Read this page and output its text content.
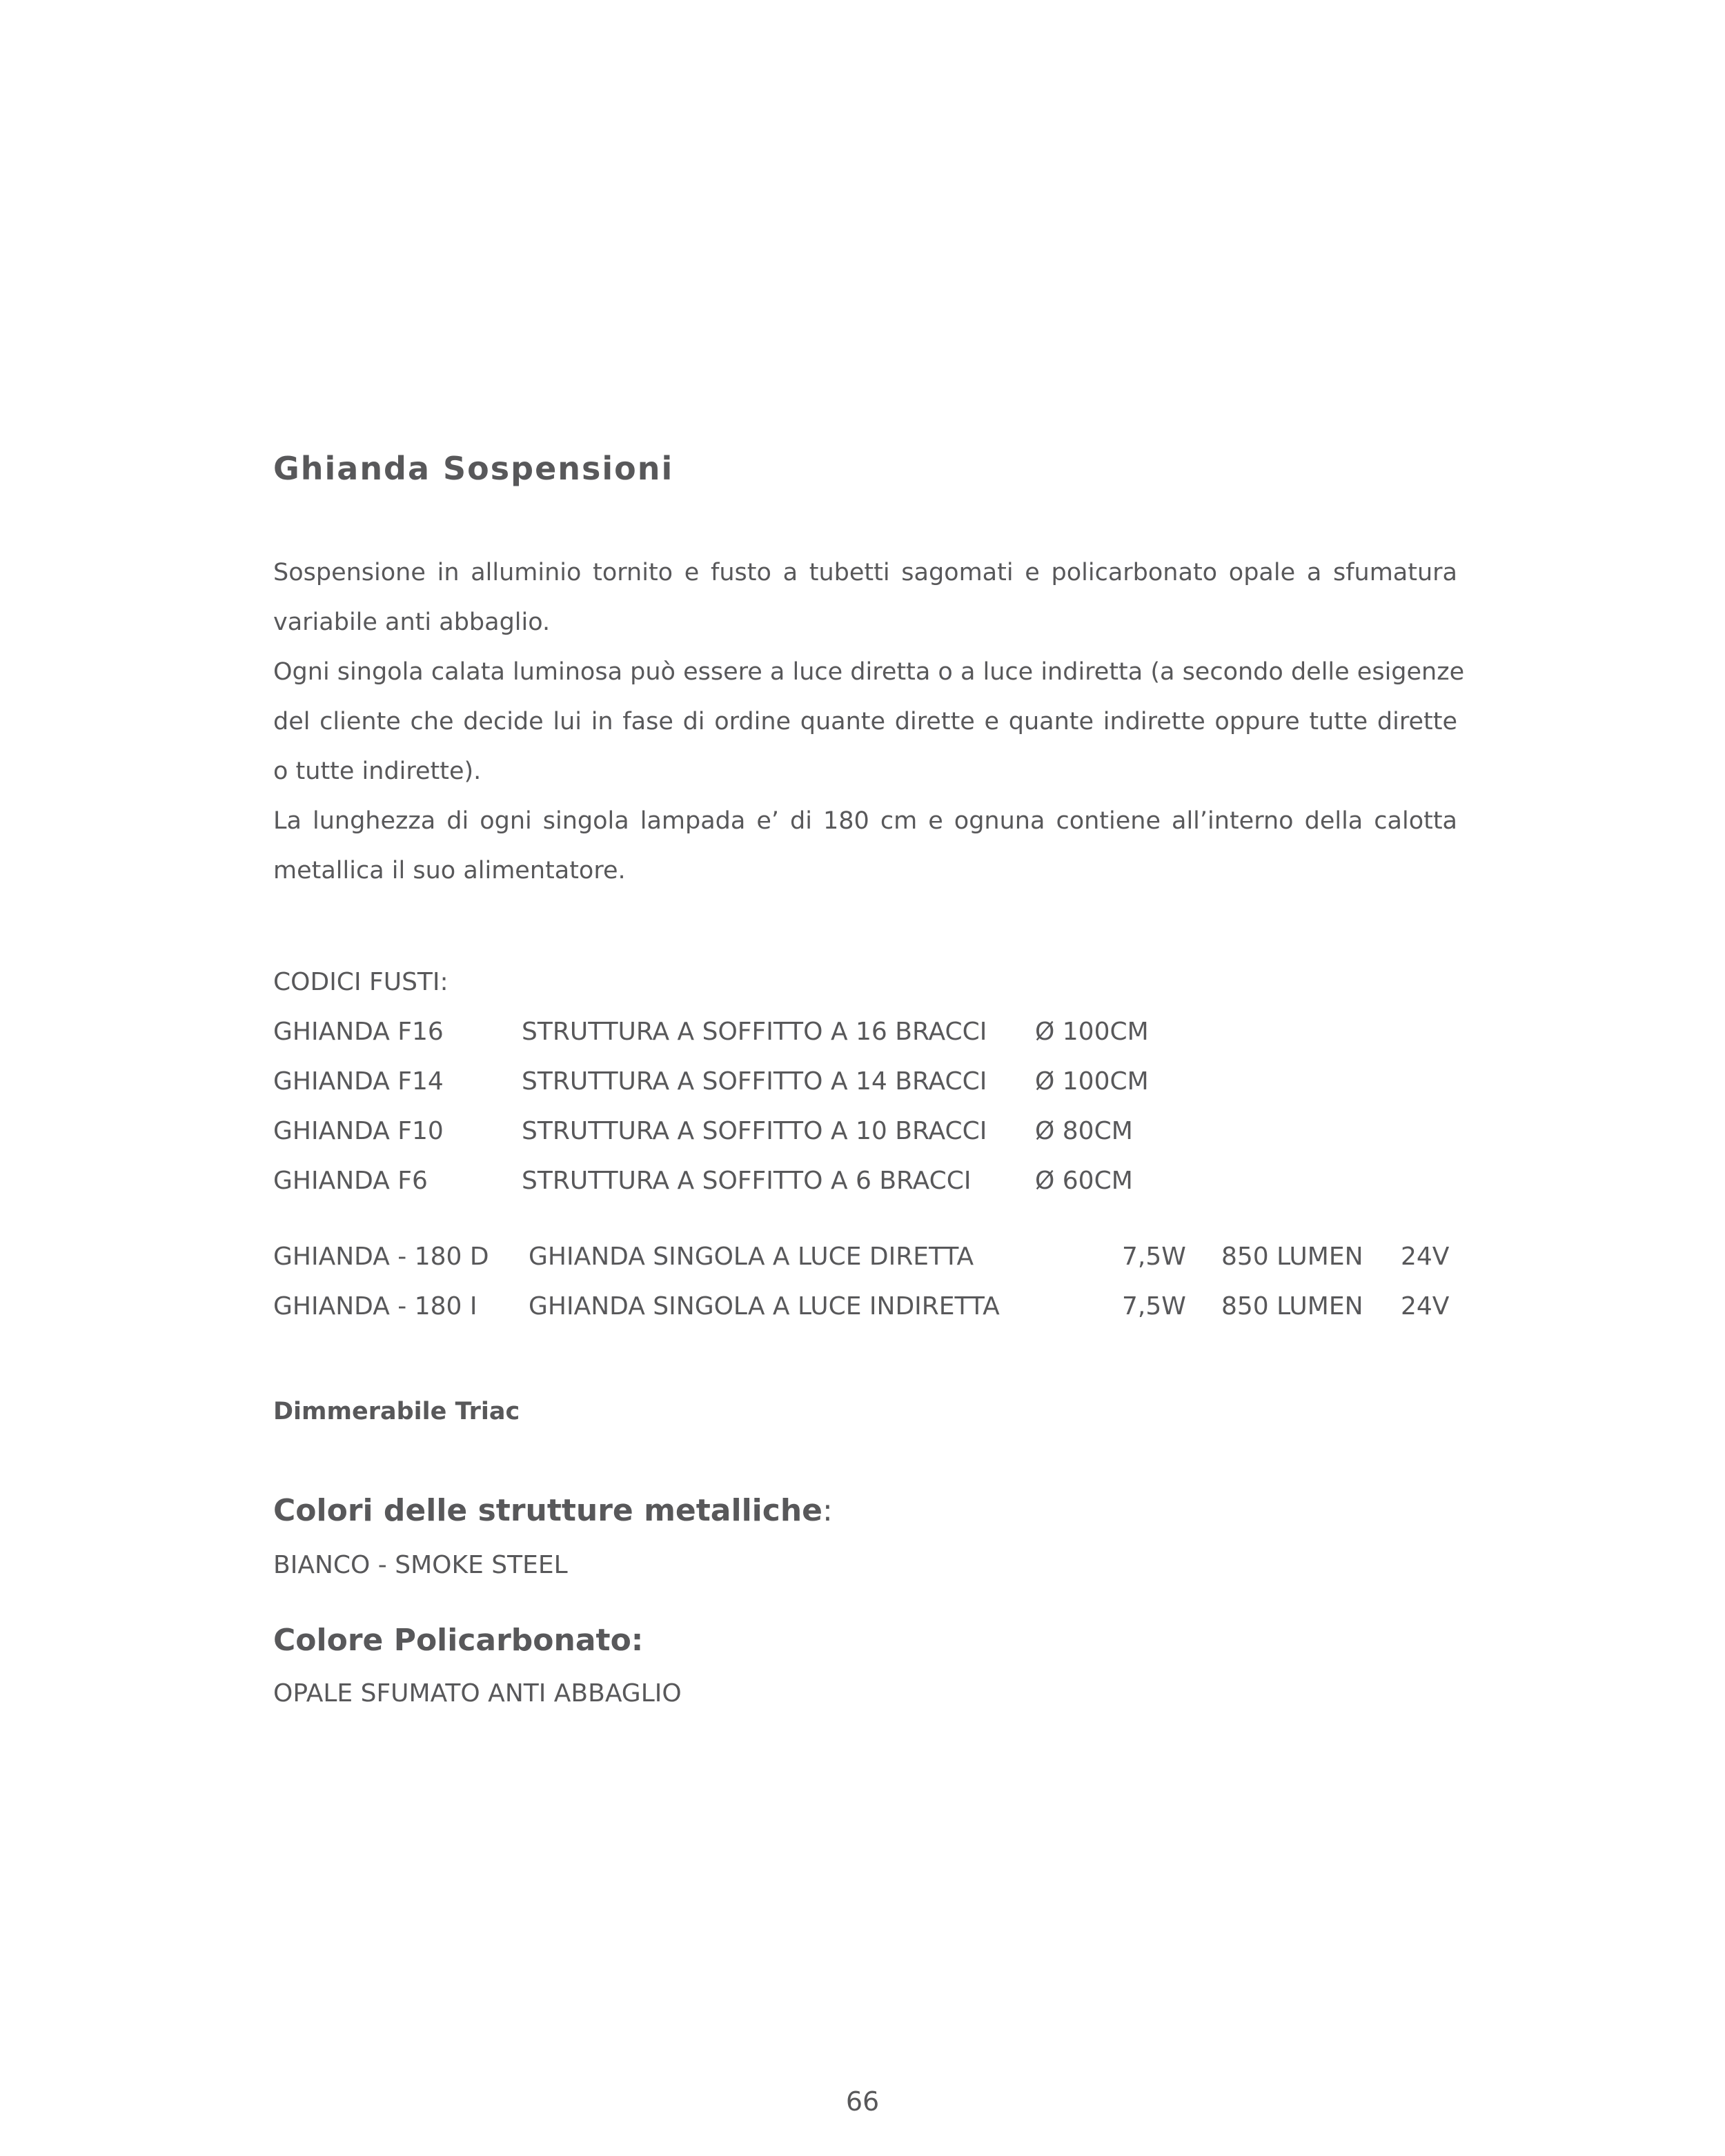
Ghianda Sospensioni
Sospensione in alluminio tornito e fusto a tubetti sagomati e policarbonato opale a sfumatura
variabile anti abbaglio.
Ogni singola calata luminosa può essere a luce diretta o a luce indiretta (a secondo delle esigenze
del cliente che decide lui in fase di ordine quante dirette e quante indirette oppure tutte dirette
o tutte indirette).
La lunghezza di ogni singola lampada e’ di 180 cm e ognuna contiene all’interno della calotta
metallica il suo alimentatore.
CODICI FUSTI:
GHIANDA F16	STRUTTURA A SOFFITTO A 16 BRACCI Ø 100CM
GHIANDA F14	STRUTTURA A SOFFITTO A 14 BRACCI Ø 100CM
GHIANDA F10	STRUTTURA A SOFFITTO A 10 BRACCI Ø 80CM
GHIANDA F6	STRUTTURA A SOFFITTO A 6 BRACCI	Ø 60CM
GHIANDA - 180 D GHIANDA SINGOLA A LUCE DIRETTA	7,5W 850 LUMEN 24V
GHIANDA - 180 I GHIANDA SINGOLA A LUCE INDIRETTA	7,5W 850 LUMEN 24V

Dimmerabile Triac

Colori delle strutture metalliche:

BIANCO - SMOKE STEEL

Colore Policarbonato:

OPALE SFUMATO ANTI ABBAGLIO

66
